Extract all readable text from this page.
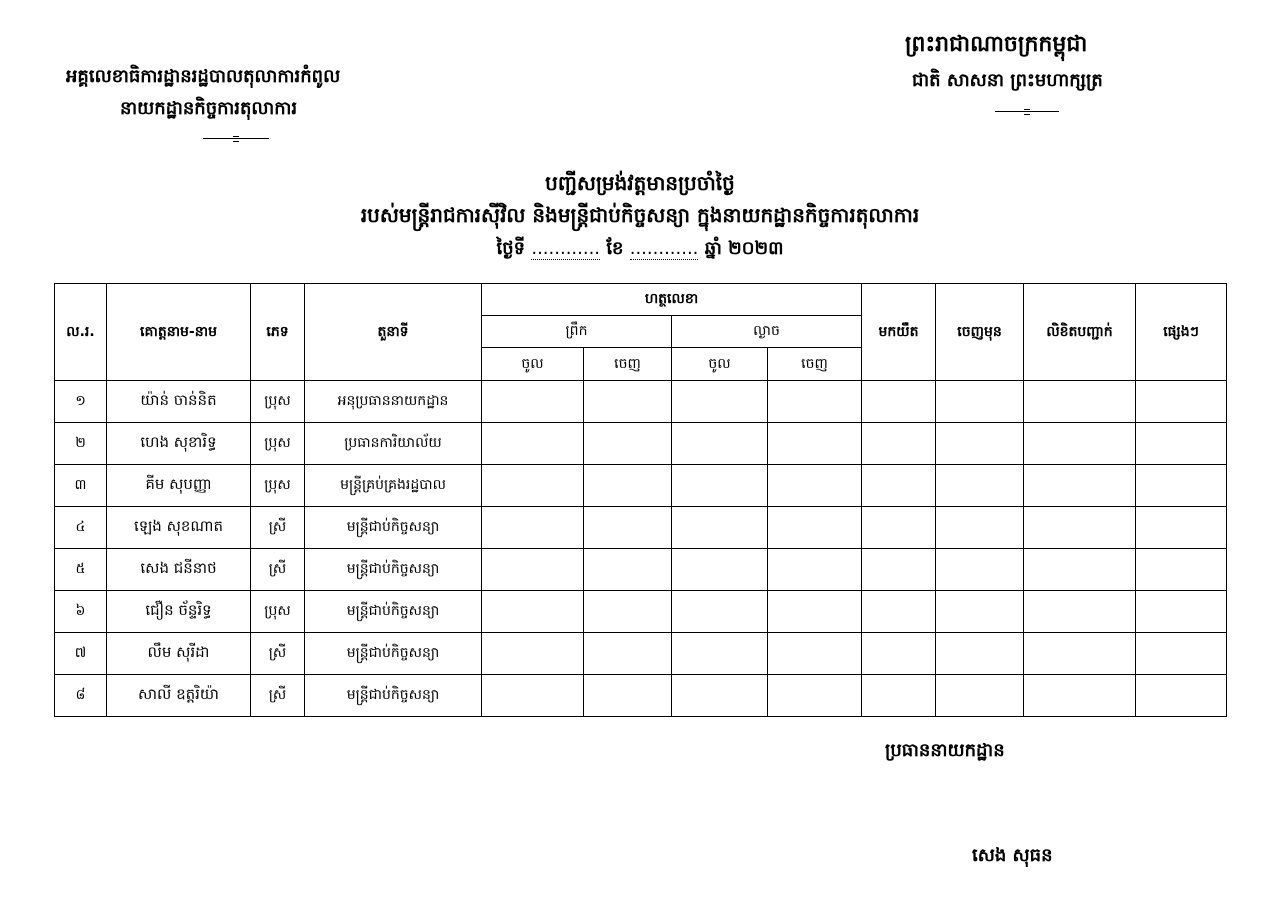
ព្រះរាជាណាចក្រកម្ពុជា
ជាតិ សាសនា ព្រះមហាក្សត្រ
អគ្គលេខាធិការដ្ឋានរដ្ឋបាលតុលាការកំពូល
នាយកដ្ឋានកិច្ចការតុលាការ
បញ្ជីសម្រង់វត្តមានប្រចាំថ្ងៃ
របស់មន្ត្រីរាជការស៊ីវិល និងមន្ត្រីជាប់កិច្ចសន្យា ក្នុងនាយកដ្ឋានកិច្ចការតុលាការ
ថ្ងៃទី ............ ខែ ............ ឆ្នាំ ២០២៣
ល.រ.	គោត្តនាម-នាម	ភេទ	តួនាទី	ហត្ថលេខា				មកយឺត	ចេញមុន	លិខិតបញ្ជាក់	ផ្សេងៗ
				ព្រឹក		ល្ងាច					
				ចូល	ចេញ	ចូល	ចេញ				
១	យ៉ាន់ ចាន់និត	ប្រុស	អនុប្រធាននាយកដ្ឋាន								
២	ហេង សុខារិទ្ធ	ប្រុស	ប្រធានការិយាល័យ								
៣	គីម សុបញ្ញា	ប្រុស	មន្ត្រីគ្រប់គ្រងរដ្ឋបាល								
៤	ឡេង សុខណាត	ស្រី	មន្ត្រីជាប់កិច្ចសន្យា								
៥	សេង ជនីនាថ	ស្រី	មន្ត្រីជាប់កិច្ចសន្យា								
៦	ជឿន ច័ន្ទរិទ្ធ	ប្រុស	មន្ត្រីជាប់កិច្ចសន្យា								
៧	លឹម សុរីដា	ស្រី	មន្ត្រីជាប់កិច្ចសន្យា								
៨	សាលី ឧត្តរិយ៉ា	ស្រី	មន្ត្រីជាប់កិច្ចសន្យា								
ប្រធាននាយកដ្ឋាន
សេង សុធន
